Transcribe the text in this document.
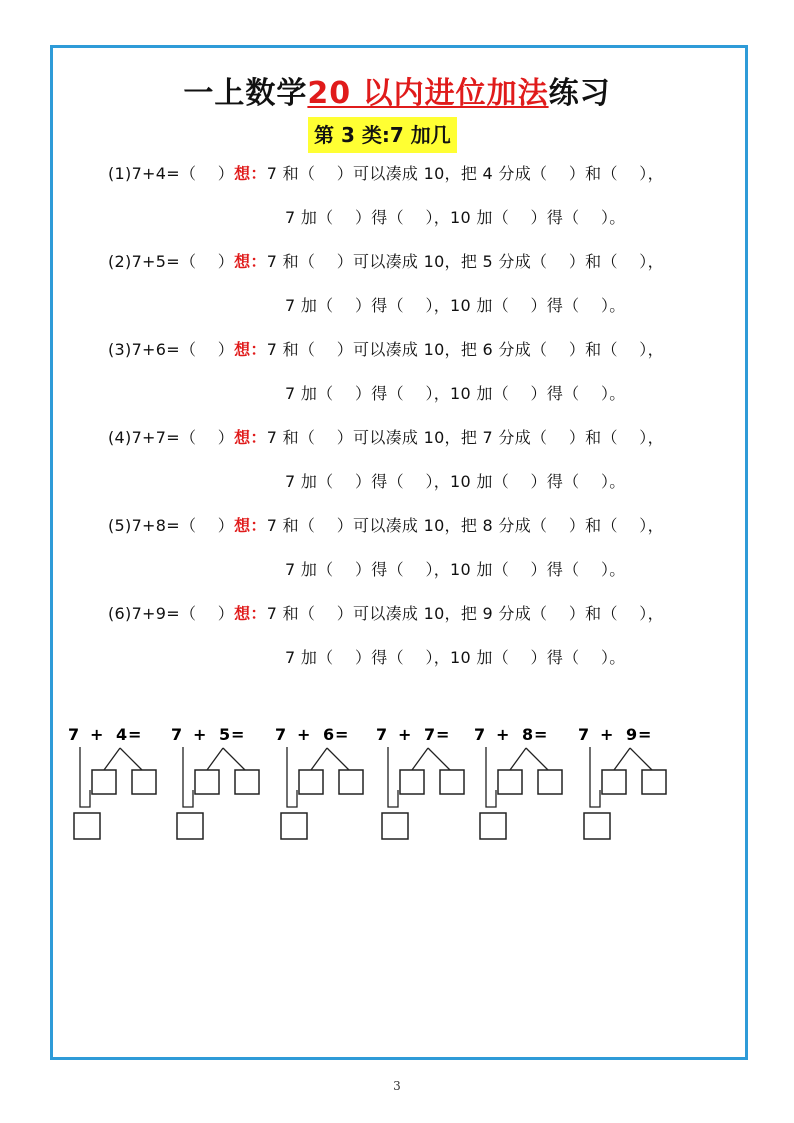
一上数学20 以内进位加法练习
第 3 类:7 加几
(1)7+4=（    ）想：7 和（    ）可以凑成 10，把 4 分成（    ）和（    ），
7 加（    ）得（    ），10 加（    ）得（    ）。
(2)7+5=（    ）想：7 和（    ）可以凑成 10，把 5 分成（    ）和（    ），
7 加（    ）得（    ），10 加（    ）得（    ）。
(3)7+6=（    ）想：7 和（    ）可以凑成 10，把 6 分成（    ）和（    ），
7 加（    ）得（    ），10 加（    ）得（    ）。
(4)7+7=（    ）想：7 和（    ）可以凑成 10，把 7 分成（    ）和（    ），
7 加（    ）得（    ），10 加（    ）得（    ）。
(5)7+8=（    ）想：7 和（    ）可以凑成 10，把 8 分成（    ）和（    ），
7 加（    ）得（    ），10 加（    ）得（    ）。
(6)7+9=（    ）想：7 和（    ）可以凑成 10，把 9 分成（    ）和（    ），
7 加（    ）得（    ），10 加（    ）得（    ）。
7 + 4 = 7 + 5 = 7 + 6 = 7 + 7 = 7 + 8 = 7 + 9 =
3
